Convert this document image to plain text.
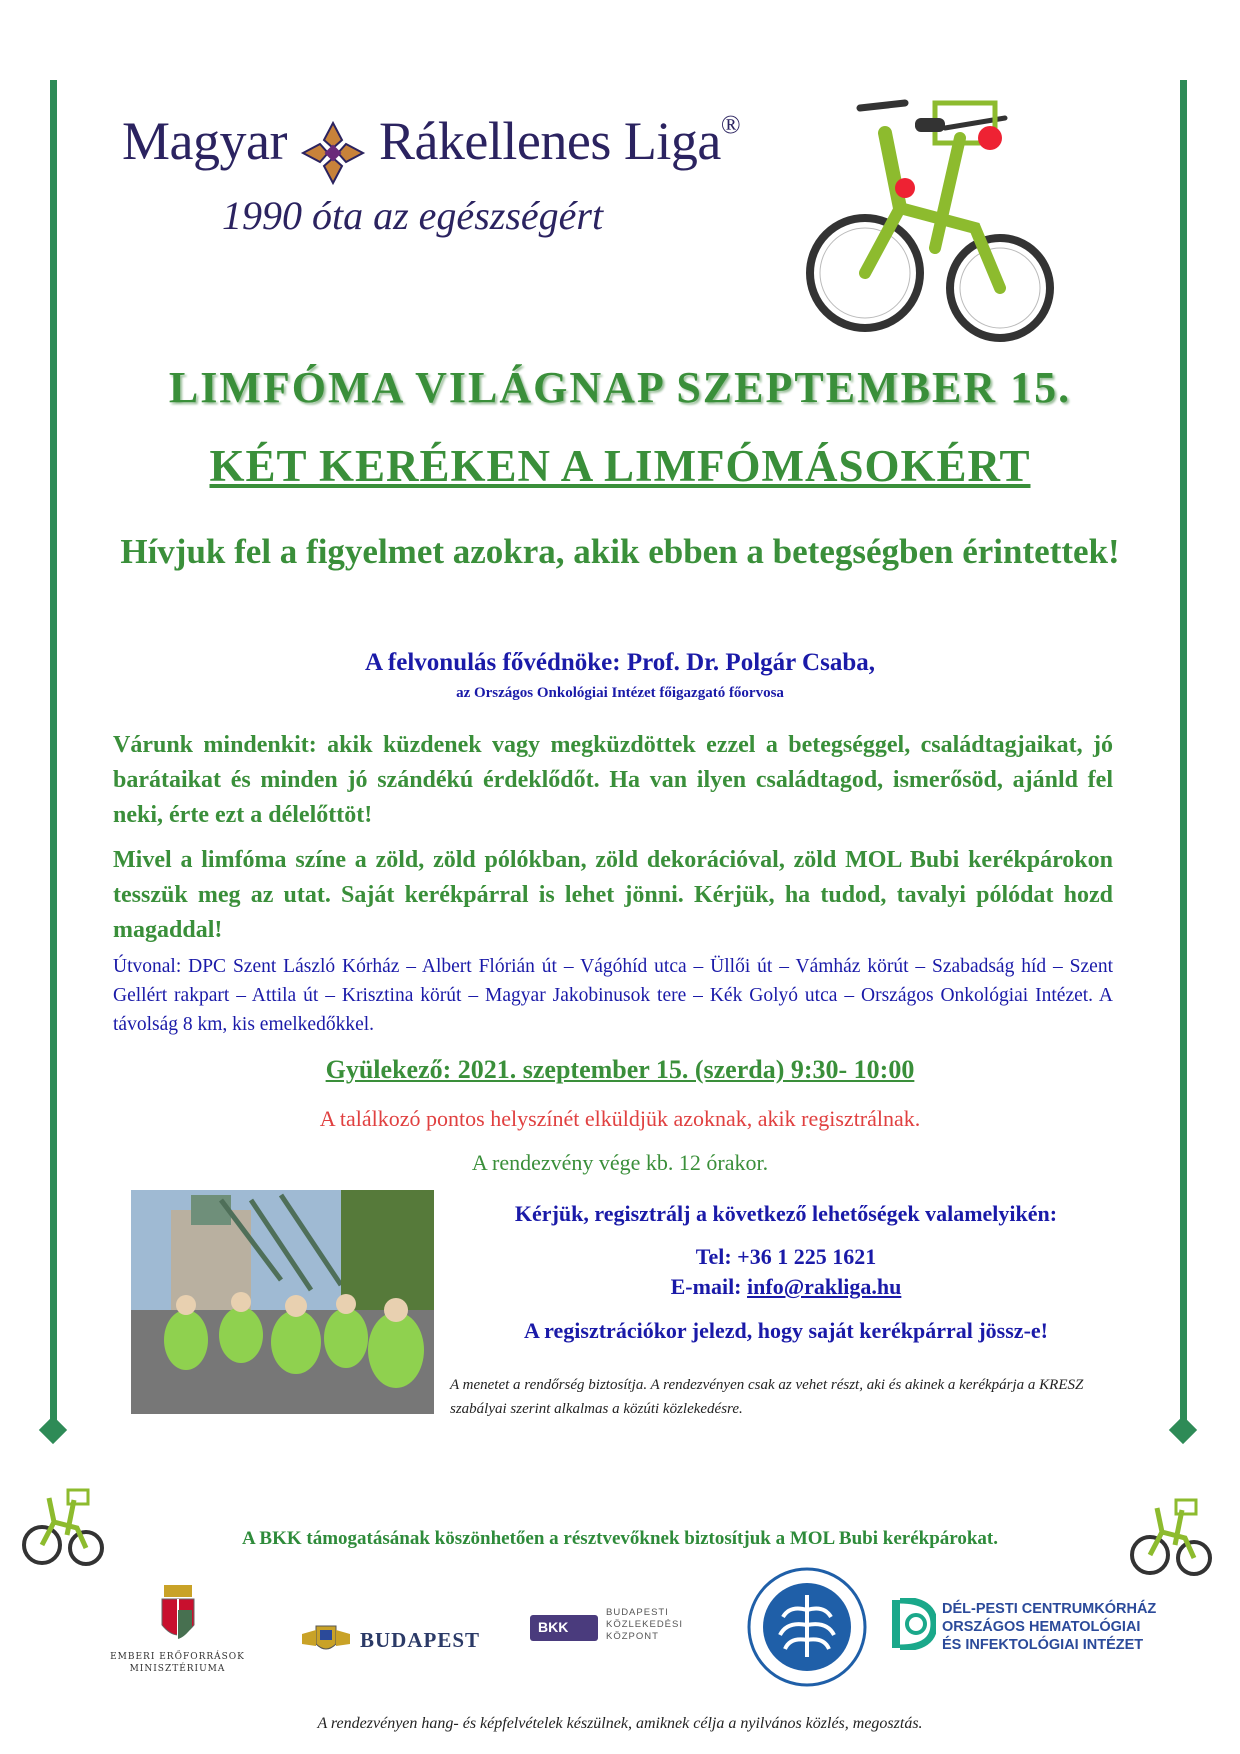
Magyar Rákellenes Liga®
1990 óta az egészségért
LIMFÓMA VILÁGNAP SZEPTEMBER 15.
KÉT KERÉKEN A LIMFÓMÁSOKÉRT
Hívjuk fel a figyelmet azokra, akik ebben a betegségben érintettek!
A felvonulás fővédnöke: Prof. Dr. Polgár Csaba,
az Országos Onkológiai Intézet főigazgató főorvosa

Várunk mindenkit: akik küzdenek vagy megküzdöttek ezzel a betegséggel, családtagjaikat, jó barátaikat és minden jó szándékú érdeklődőt. Ha van ilyen családtagod, ismerősöd, ajánld fel neki, érte ezt a délelőttöt!

Mivel a limfóma színe a zöld, zöld pólókban, zöld dekorációval, zöld MOL Bubi kerékpárokon tesszük meg az utat. Saját kerékpárral is lehet jönni. Kérjük, ha tudod, tavalyi pólódat hozd magaddal!

Útvonal: DPC Szent László Kórház – Albert Flórián út – Vágóhíd utca – Üllői út – Vámház körút – Szabadság híd – Szent Gellért rakpart – Attila út – Krisztina körút – Magyar Jakobinusok tere – Kék Golyó utca – Országos Onkológiai Intézet. A távolság 8 km, kis emelkedőkkel.

Gyülekező: 2021. szeptember 15. (szerda) 9:30- 10:00
A találkozó pontos helyszínét elküldjük azoknak, akik regisztrálnak.
A rendezvény vége kb. 12 órakor.
Kérjük, regisztrálj a következő lehetőségek valamelyikén:
Tel: +36 1 225 1621
E-mail: info@rakliga.hu
A regisztrációkor jelezd, hogy saját kerékpárral jössz-e!

A menetet a rendőrség biztosítja. A rendezvényen csak az vehet részt, aki és akinek a kerékpárja a KRESZ szabályai szerint alkalmas a közúti közlekedésre.

A BKK támogatásának köszönhetően a résztvevőknek biztosítjuk a MOL Bubi kerékpárokat.
EMBERI ERŐFORRÁSOK
MINISZTÉRIUMA
BUDAPEST
BKK
BUDAPESTI
KÖZLEKEDÉSI
KÖZPONT
DÉL-PESTI CENTRUMKÓRHÁZ
ORSZÁGOS HEMATOLÓGIAI
ÉS INFEKTOLÓGIAI INTÉZET
A rendezvényen hang- és képfelvételek készülnek, amiknek célja a nyilvános közlés, megosztás.
